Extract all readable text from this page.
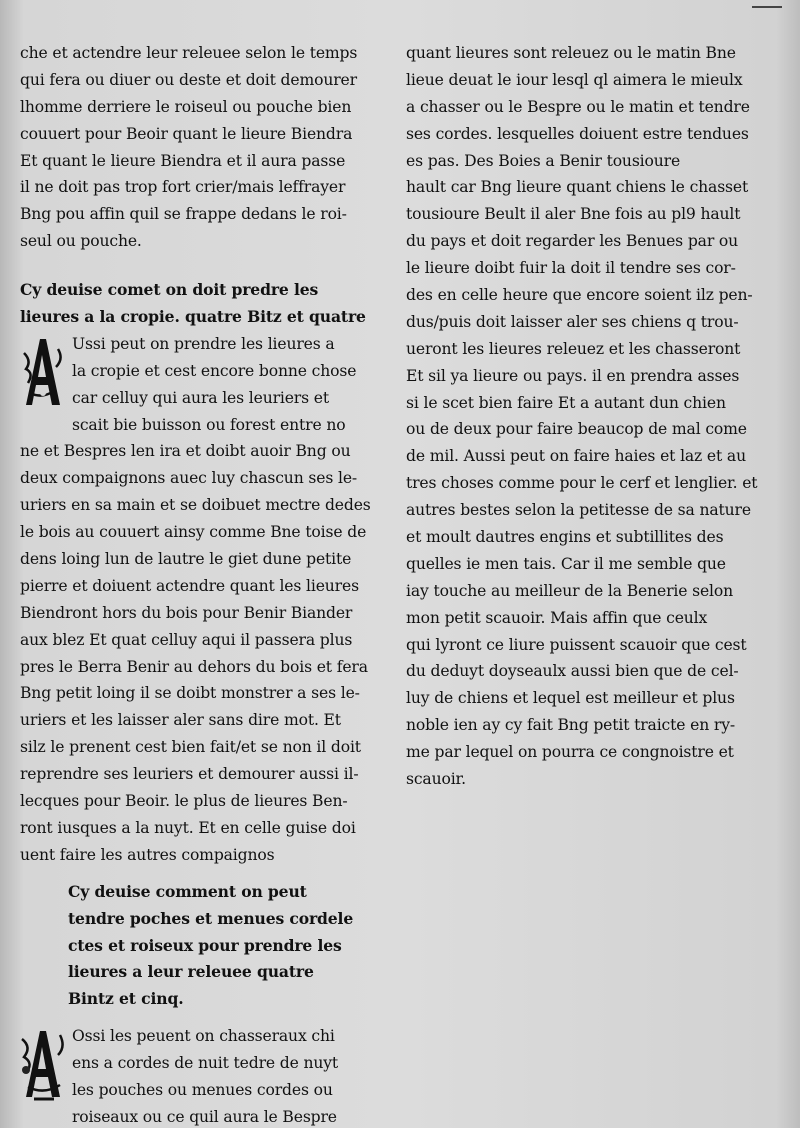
che et actendre leur releuee selon le temps
qui fera ou diuer ou deste et doit demourer
lhomme derriere le roiseul ou pouche bien
couuert pour Beoir quant le lieure Biendra
Et quant le lieure Biendra et il aura passe
il ne doit pas trop fort crier/mais leffrayer
Bng pou affin quil se frappe dedans le roi-
seul ou pouche.
Cy deuise comet on doit predre les
lieures a la cropie. quatre Bitz et quatre
Ussi peut on prendre les lieures a
la cropie et cest encore bonne chose
car celluy qui aura les leuriers et
scait bie buisson ou forest entre no
ne et Bespres len ira et doibt auoir Bng ou
deux compaignons auec luy chascun ses le-
uriers en sa main et se doibuet mectre dedes
le bois au couuert ainsy comme Bne toise de
dens loing lun de lautre le giet dune petite
pierre et doiuent actendre quant les lieures
Biendront hors du bois pour Benir Biander
aux blez Et quat celluy aqui il passera plus
pres le Berra Benir au dehors du bois et fera
Bng petit loing il se doibt monstrer a ses le-
uriers et les laisser aler sans dire mot. Et
silz le prenent cest bien fait/et se non il doit
reprendre ses leuriers et demourer aussi il-
lecques pour Beoir. le plus de lieures Ben-
ront iusques a la nuyt. Et en celle guise doi
uent faire les autres compaignos
Cy deuise comment on peut
tendre poches et menues cordele
ctes et roiseux pour prendre les
lieures a leur releuee quatre
Bintz et cinq.
Ossi les peuent on chasseraux chi
ens a cordes de nuit tedre de nuyt
les pouches ou menues cordes ou
roiseaux ou ce quil aura le Bespre
quant lieures sont releuez ou le matin Bne
lieue deuat le iour lesql ql aimera le mieulx
a chasser ou le Bespre ou le matin et tendre
ses cordes. lesquelles doiuent estre tendues
es pas. Des Boies a Benir tousioure
hault car Bng lieure quant chiens le chasset
tousioure Beult il aler Bne fois au pl9 hault
du pays et doit regarder les Benues par ou
le lieure doibt fuir la doit il tendre ses cor-
des en celle heure que encore soient ilz pen-
dus/puis doit laisser aler ses chiens q trou-
ueront les lieures releuez et les chasseront
Et sil ya lieure ou pays. il en prendra asses
si le scet bien faire Et a autant dun chien
ou de deux pour faire beaucop de mal come
de mil. Aussi peut on faire haies et laz et au
tres choses comme pour le cerf et lenglier. et
autres bestes selon la petitesse de sa nature
et moult dautres engins et subtillites des
quelles ie men tais. Car il me semble que
iay touche au meilleur de la Benerie selon
mon petit scauoir. Mais affin que ceulx
qui lyront ce liure puissent scauoir que cest
du deduyt doyseaulx aussi bien que de cel-
luy de chiens et lequel est meilleur et plus
noble ien ay cy fait Bng petit traicte en ry-
me par lequel on pourra ce congnoistre et
scauoir.
